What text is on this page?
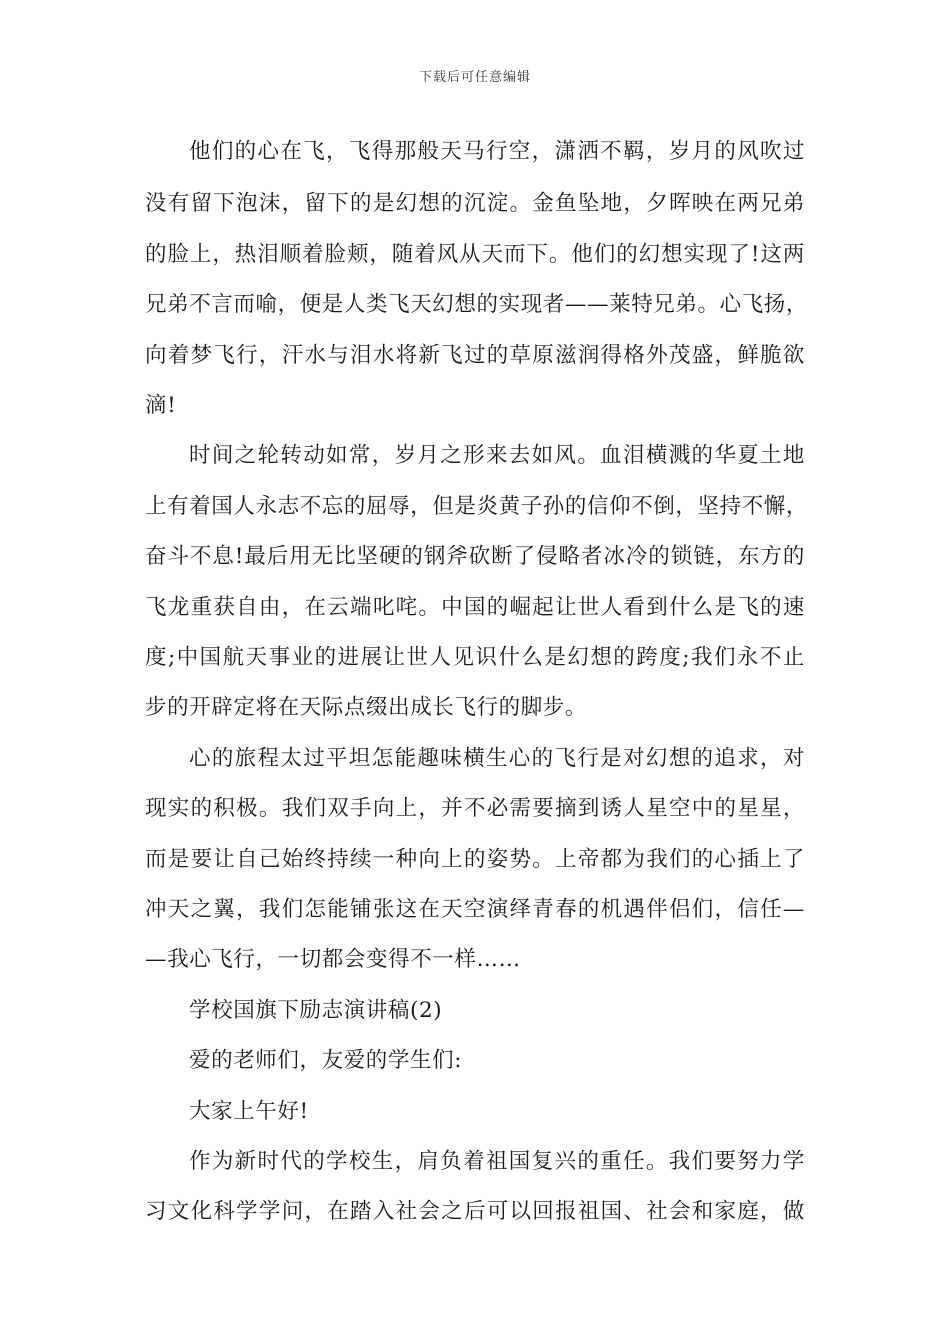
下载后可任意编辑
他们的心在飞，飞得那般天马行空，潇洒不羁，岁月的风吹过
没有留下泡沫，留下的是幻想的沉淀。金鱼坠地，夕晖映在两兄弟
的脸上，热泪顺着脸颊，随着风从天而下。他们的幻想实现了!这两
兄弟不言而喻，便是人类飞天幻想的实现者——莱特兄弟。心飞扬，
向着梦飞行，汗水与泪水将新飞过的草原滋润得格外茂盛，鲜脆欲
滴!
时间之轮转动如常，岁月之形来去如风。血泪横溅的华夏土地
上有着国人永志不忘的屈辱，但是炎黄子孙的信仰不倒，坚持不懈，
奋斗不息!最后用无比坚硬的钢斧砍断了侵略者冰冷的锁链，东方的
飞龙重获自由，在云端叱咤。中国的崛起让世人看到什么是飞的速
度;中国航天事业的进展让世人见识什么是幻想的跨度;我们永不止
步的开辟定将在天际点缀出成长飞行的脚步。
心的旅程太过平坦怎能趣味横生心的飞行是对幻想的追求，对
现实的积极。我们双手向上，并不必需要摘到诱人星空中的星星，
而是要让自己始终持续一种向上的姿势。上帝都为我们的心插上了
冲天之翼，我们怎能铺张这在天空演绎青春的机遇伴侣们，信任—
—我心飞行，一切都会变得不一样……
学校国旗下励志演讲稿(2)
爱的老师们，友爱的学生们:
大家上午好!
作为新时代的学校生，肩负着祖国复兴的重任。我们要努力学
习文化科学学问，在踏入社会之后可以回报祖国、社会和家庭，做
